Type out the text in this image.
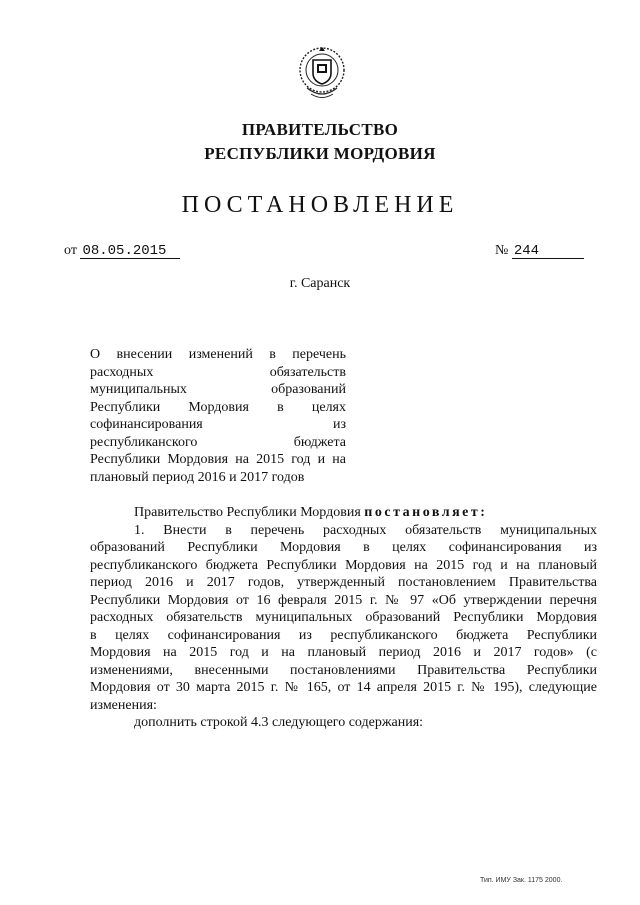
ПРАВИТЕЛЬСТВО
РЕСПУБЛИКИ МОРДОВИЯ
ПОСТАНОВЛЕНИЕ
от 08.05.2015	№ 244
г. Саранск
О внесении изменений в перечень
расходных обязательств
муниципальных образований
Республики Мордовия в целях
софинансирования из
республиканского бюджета
Республики Мордовия на 2015 год и на
плановый период 2016 и 2017 годов
Правительство Республики Мордовия постановляет:
1. Внести в перечень расходных обязательств муниципальных
образований Республики Мордовия в целях софинансирования из
республиканского бюджета Республики Мордовия на 2015 год и на плановый
период 2016 и 2017 годов, утвержденный постановлением Правительства
Республики Мордовия от 16 февраля 2015 г. № 97 «Об утверждении перечня
расходных обязательств муниципальных образований Республики Мордовия
в целях софинансирования из республиканского бюджета Республики
Мордовия на 2015 год и на плановый период 2016 и 2017 годов» (с
изменениями, внесенными постановлениями Правительства Республики
Мордовия от 30 марта 2015 г. № 165, от 14 апреля 2015 г. № 195), следующие
изменения:
дополнить строкой 4.3 следующего содержания:
Тип. ИМУ Зак. 1175 2000.
